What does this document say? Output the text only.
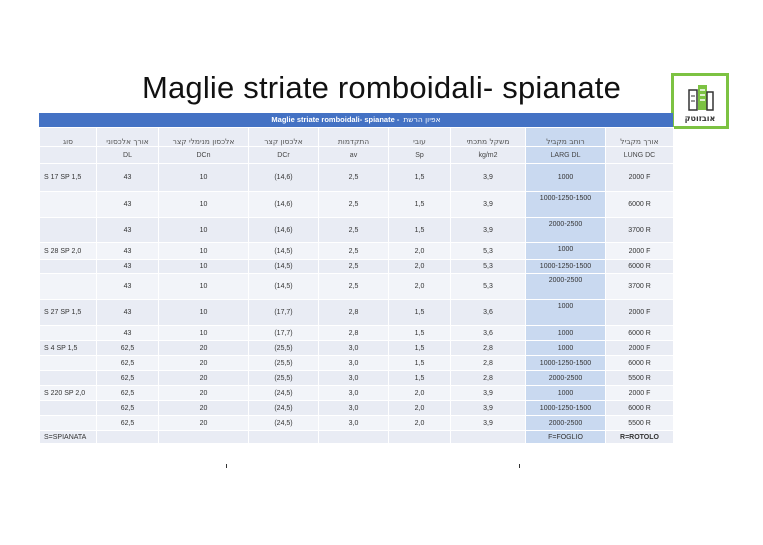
Maglie striate romboidali- spianate
אובזוטק
Maglie striate romboidali- spianate - אפיון הרשת
סוג	אורך אלכסוני	אלכסון מנימלי קצר	אלכסון קצר	התקדמות	עובי	משקל מתכתי	רוחב מקביל	אורך מקביל
	DL	DCn	DCr	av	Sp	kg/m2	LARG DL	LUNG DC
S 17 SP 1,5	43	10	(14,6)	2,5	1,5	3,9	1000	2000 F
	43	10	(14,6)	2,5	1,5	3,9	1000-1250-1500	6000 R
	43	10	(14,6)	2,5	1,5	3,9	2000-2500	3700 R
S 28 SP 2,0	43	10	(14,5)	2,5	2,0	5,3	1000	2000 F
	43	10	(14,5)	2,5	2,0	5,3	1000-1250-1500	6000 R
	43	10	(14,5)	2,5	2,0	5,3	2000-2500	3700 R
S 27 SP 1,5	43	10	(17,7)	2,8	1,5	3,6	1000	2000 F
	43	10	(17,7)	2,8	1,5	3,6	1000	6000 R
S 4 SP 1,5	62,5	20	(25,5)	3,0	1,5	2,8	1000	2000 F
	62,5	20	(25,5)	3,0	1,5	2,8	1000-1250-1500	6000 R
	62,5	20	(25,5)	3,0	1,5	2,8	2000-2500	5500 R
S 220 SP 2,0	62,5	20	(24,5)	3,0	2,0	3,9	1000	2000 F
	62,5	20	(24,5)	3,0	2,0	3,9	1000-1250-1500	6000 R
	62,5	20	(24,5)	3,0	2,0	3,9	2000-2500	5500 R
S=SPIANATA							F=FOGLIO	R=ROTOLO
